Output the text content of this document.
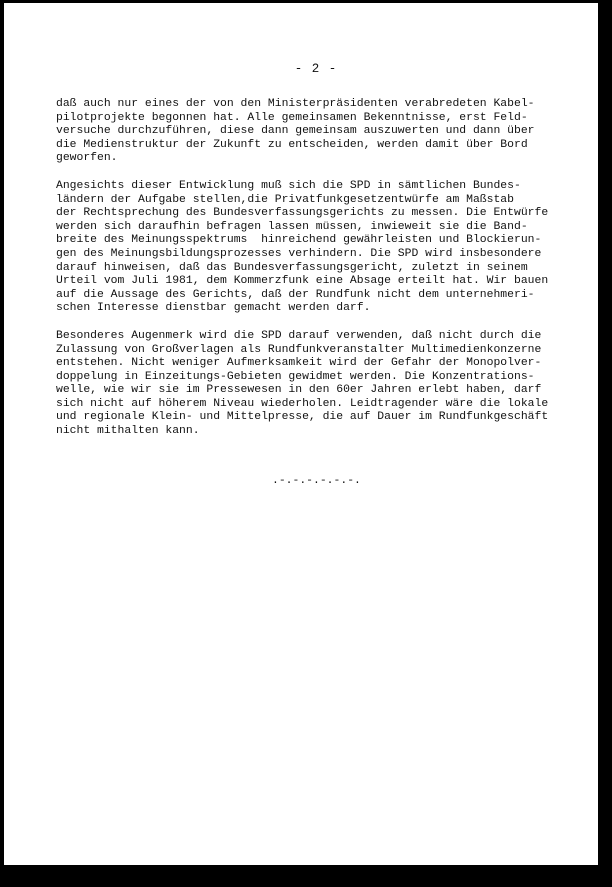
- 2 -
daß auch nur eines der von den Ministerpräsidenten verabredeten Kabel-
pilotprojekte begonnen hat. Alle gemeinsamen Bekenntnisse, erst Feld-
versuche durchzuführen, diese dann gemeinsam auszuwerten und dann über
die Medienstruktur der Zukunft zu entscheiden, werden damit über Bord
geworfen.
Angesichts dieser Entwicklung muß sich die SPD in sämtlichen Bundes-
ländern der Aufgabe stellen,die Privatfunkgesetzentwürfe am Maßstab
der Rechtsprechung des Bundesverfassungsgerichts zu messen. Die Entwürfe
werden sich daraufhin befragen lassen müssen, inwieweit sie die Band-
breite des Meinungsspektrums  hinreichend gewährleisten und Blockierun-
gen des Meinungsbildungsprozesses verhindern. Die SPD wird insbesondere
darauf hinweisen, daß das Bundesverfassungsgericht, zuletzt in seinem
Urteil vom Juli 1981, dem Kommerzfunk eine Absage erteilt hat. Wir bauen
auf die Aussage des Gerichts, daß der Rundfunk nicht dem unternehmeri-
schen Interesse dienstbar gemacht werden darf.
Besonderes Augenmerk wird die SPD darauf verwenden, daß nicht durch die
Zulassung von Großverlagen als Rundfunkveranstalter Multimedienkonzerne
entstehen. Nicht weniger Aufmerksamkeit wird der Gefahr der Monopolver-
doppelung in Einzeitungs-Gebieten gewidmet werden. Die Konzentrations-
welle, wie wir sie im Pressewesen in den 60er Jahren erlebt haben, darf
sich nicht auf höherem Niveau wiederholen. Leidtragender wäre die lokale
und regionale Klein- und Mittelpresse, die auf Dauer im Rundfunkgeschäft
nicht mithalten kann.
.-.-.-.-.-.-.
